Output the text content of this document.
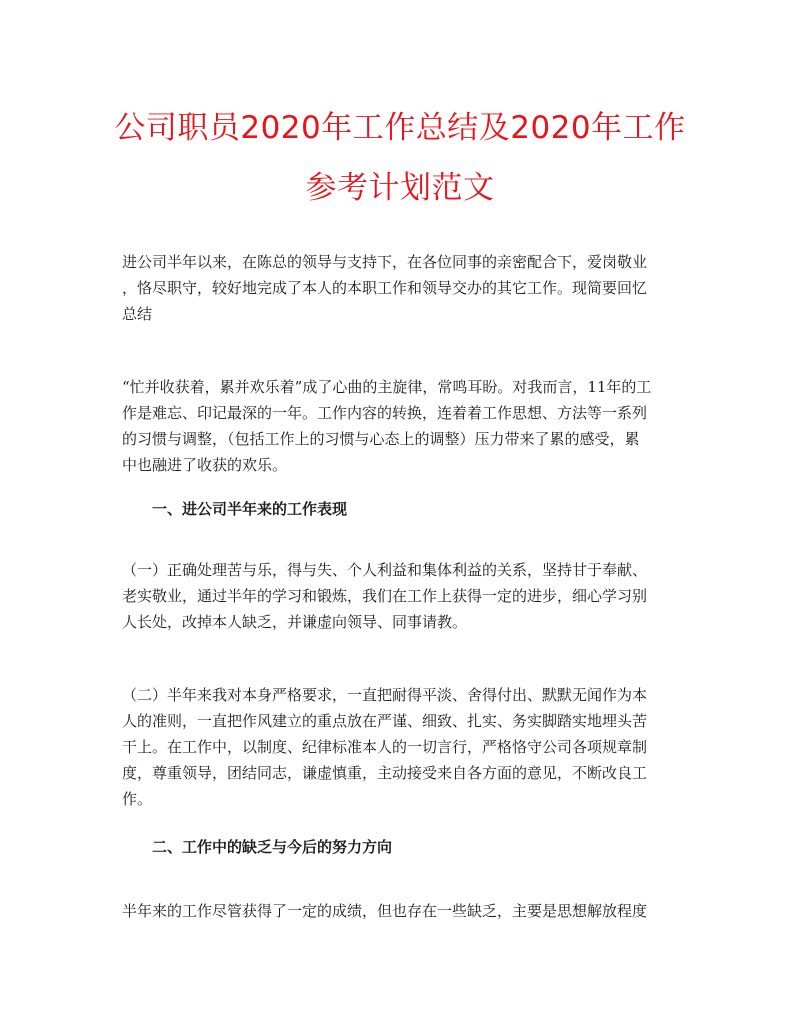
公司职员2020年工作总结及2020年工作
参考计划范文

进公司半年以来，在陈总的领导与支持下，在各位同事的亲密配合下，爱岗敬业
，恪尽职守，较好地完成了本人的本职工作和领导交办的其它工作。现简要回忆
总结

“忙并收获着，累并欢乐着”成了心曲的主旋律，常鸣耳盼。对我而言，11年的工
作是难忘、印记最深的一年。工作内容的转换，连着着工作思想、方法等一系列
的习惯与调整，（包括工作上的习惯与心态上的调整）压力带来了累的感受，累
中也融进了收获的欢乐。

一、进公司半年来的工作表现

（一）正确处理苦与乐，得与失、个人利益和集体利益的关系，坚持甘于奉献、
老实敬业，通过半年的学习和锻炼，我们在工作上获得一定的进步，细心学习别
人长处，改掉本人缺乏，并谦虚向领导、同事请教。

（二）半年来我对本身严格要求，一直把耐得平淡、舍得付出、默默无闻作为本
人的准则，一直把作风建立的重点放在严谨、细致、扎实、务实脚踏实地埋头苦
干上。在工作中，以制度、纪律标准本人的一切言行，严格恪守公司各项规章制
度，尊重领导，团结同志，谦虚慎重，主动接受来自各方面的意见，不断改良工
作。

二、工作中的缺乏与今后的努力方向

半年来的工作尽管获得了一定的成绩，但也存在一些缺乏，主要是思想解放程度
